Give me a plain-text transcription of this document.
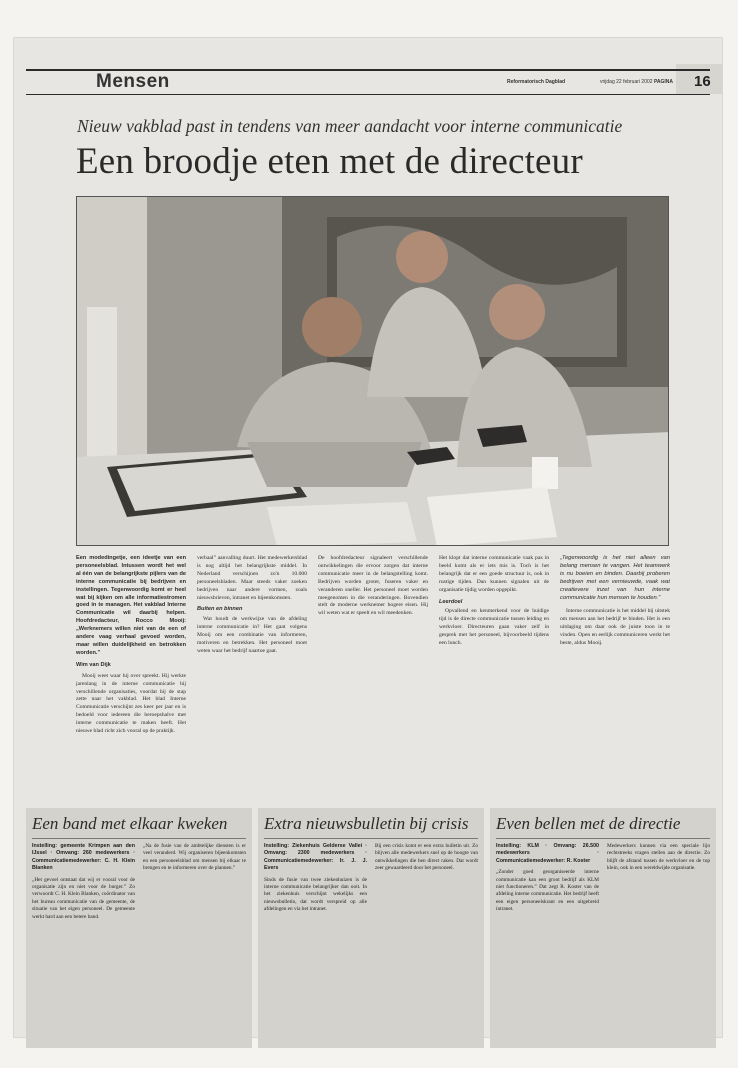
Mensen	Reformatorisch Dagblad	vrijdag 22 februari 2002 PAGINA 16
Nieuw vakblad past in tendens van meer aandacht voor interne communicatie
Een broodje eten met de directeur
Een modedingetje, een ideetje van een personeelsblad. Intussen wordt het wel al één van de belangrijkste pijlers van de interne communicatie bij bedrijven en instellingen. Tegenwoordig komt er heel wat bij kijken om alle informatiestromen goed in te managen. Het vakblad Interne Communicatie wil daarbij helpen. Hoofdredacteur, Rocco Mooij: „Werknemers willen niet van de een of andere vaag verhaal gevoed worden, maar willen duidelijkheid en betrokken worden.”
Wim van Dijk

Mooij weet waar hij over spreekt. Hij werkte jarenlang in de interne communicatie bij verschillende organisaties, voordat hij de stap zette naar het vakblad. Het blad Interne Communicatie verschijnt zes keer per jaar en is bedoeld voor iedereen die beroepshalve met interne communicatie te maken heeft. Het nieuwe blad richt zich vooral op de praktijk.

verbaal” aanvalling duurt. Het medewerkersblad is nog altijd het belangrijkste middel. In Nederland verschijnen zo'n 10.000 personeelsbladen. Maar steeds vaker zoeken bedrijven naar andere vormen, zoals nieuwsbrieven, intranet en bijeenkomsten.

Buiten en binnen

Wat houdt de werkwijze van de afdeling interne communicatie in? Het gaat volgens Mooij om een combinatie van informeren, motiveren en betrekken. Het personeel moet weten waar het bedrijf naartoe gaat.

De hoofdredacteur signaleert verschillende ontwikkelingen die ervoor zorgen dat interne communicatie meer in de belangstelling komt. Bedrijven worden groter, fuseren vaker en veranderen sneller. Het personeel moet worden meegenomen in die veranderingen. Bovendien stelt de moderne werknemer hogere eisen. Hij wil weten wat er speelt en wil meedenken.

Het klopt dat interne communicatie vaak pas in beeld komt als er iets mis is. Toch is het belangrijk dat er een goede structuur is, ook in rustige tijden. Dan kunnen signalen uit de organisatie tijdig worden opgepikt.

Leerdoel

Opvallend en kenmerkend voor de huidige tijd is de directe communicatie tussen leiding en werkvloer. Directeuren gaan vaker zelf in gesprek met het personeel, bijvoorbeeld tijdens een lunch.

„Tegenwoordig is het niet alleen van belang mensen te vangen. Het teamwerk is nu boeien en binden. Daarbij proberen bedrijven met een vernieuwde, vaak wat creatievere inzet van hun interne communicatie hun mensen te houden.”

Interne communicatie is het middel bij uitstek om mensen aan het bedrijf te binden. Het is een uitdaging om daar ook de juiste toon in te vinden. Open en eerlijk communiceren werkt het beste, aldus Mooij.

Een band met elkaar kweken
Instelling: gemeente Krimpen aan den IJssel · Omvang: 260 medewerkers · Communicatiemedewerker: C. H. Klein Blanken

„Het gevoel ontstaat dat wij er vooral voor de organisatie zijn en niet voor de burger.” Zo verwoordt C. H. Klein Blanken, coördinator van het bureau communicatie van de gemeente, de situatie van het eigen personeel. De gemeente werkt hard aan een betere band.

„Na de fusie van de ambtelijke diensten is er veel veranderd. Wij organiseren bijeenkomsten en een personeelsblad om mensen bij elkaar te brengen en te informeren over de plannen.”

Extra nieuwsbulletin bij crisis
Instelling: Ziekenhuis Gelderse Vallei · Omvang: 2300 medewerkers · Communicatiemedewerker: Ir. J. J. Evers

Sinds de fusie van twee ziekenhuizen is de interne communicatie belangrijker dan ooit. In het ziekenhuis verschijnt wekelijks een nieuwsbulletin, dat wordt verspreid op alle afdelingen en via het intranet.

Bij een crisis komt er een extra bulletin uit. Zo blijven alle medewerkers snel op de hoogte van ontwikkelingen die hen direct raken. Dat wordt zeer gewaardeerd door het personeel.

Even bellen met de directie
Instelling: KLM · Omvang: 26.500 medewerkers · Communicatiemedewerker: R. Koster

„Zonder goed georganiseerde interne communicatie kan een groot bedrijf als KLM niet functioneren.” Dat zegt R. Koster van de afdeling interne communicatie. Het bedrijf heeft een eigen personeelskrant en een uitgebreid intranet.

Medewerkers kunnen via een speciale lijn rechtstreeks vragen stellen aan de directie. Zo blijft de afstand tussen de werkvloer en de top klein, ook in een wereldwijde organisatie.
